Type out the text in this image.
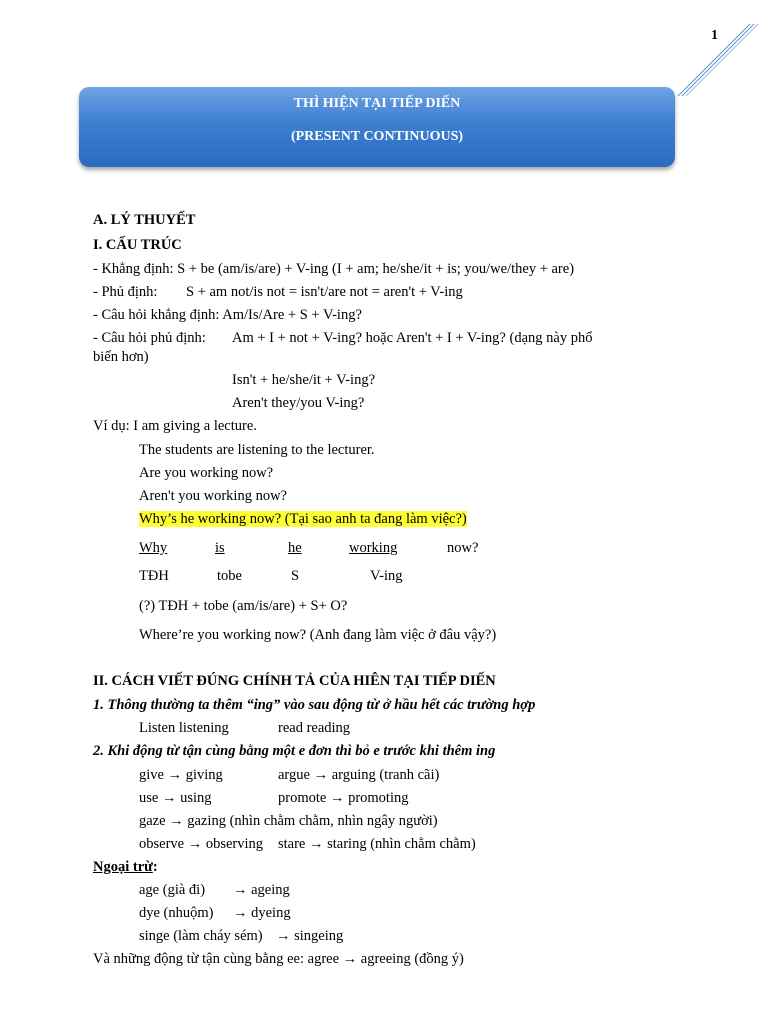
1
THÌ HIỆN TẠI TIẾP DIẾN
(PRESENT CONTINUOUS)
A. LÝ THUYẾT
I. CẤU TRÚC
- Khẳng định: S + be (am/is/are) + V-ing (I + am; he/she/it + is; you/we/they + are)
- Phủ định: S + am not/is not = isn't/are not = aren't + V-ing
- Câu hỏi khẳng định: Am/Is/Are + S + V-ing?
- Câu hỏi phủ định: Am + I + not + V-ing? hoặc Aren't + I + V-ing? (dạng này phổ
biến hơn)
Isn't + he/she/it + V-ing?
Aren't they/you V-ing?
Ví dụ: I am giving a lecture.
The students are listening to the lecturer.
Are you working now?
Aren't you working now?
Why’s he working now? (Tại sao anh ta đang làm việc?)
Why	is	he	working	now?
TĐH	tobe	S	V-ing
(?) TĐH + tobe (am/is/are) + S+ O?
Where’re you working now? (Anh đang làm việc ở đâu vậy?)
II. CÁCH VIẾT ĐÚNG CHÍNH TẢ CỦA HIÊN TẠI TIẾP DIẾN
1. Thông thường ta thêm “ing” vào sau động từ ở hầu hết các trường hợp
Listen listening	read reading
2. Khi động từ tận cùng bằng một e đơn thì bỏ e trước khi thêm ing
give → giving	argue → arguing (tranh cãi)
use → using	promote → promoting
gaze → gazing (nhìn chằm chằm, nhìn ngây người)
observe → observing stare → staring (nhìn chằm chằm)
Ngoại trừ:
age (già đi) → ageing
dye (nhuộm) → dyeing
singe (làm cháy sém) → singeing
Và những động từ tận cùng bằng ee: agree → agreeing (đồng ý)
